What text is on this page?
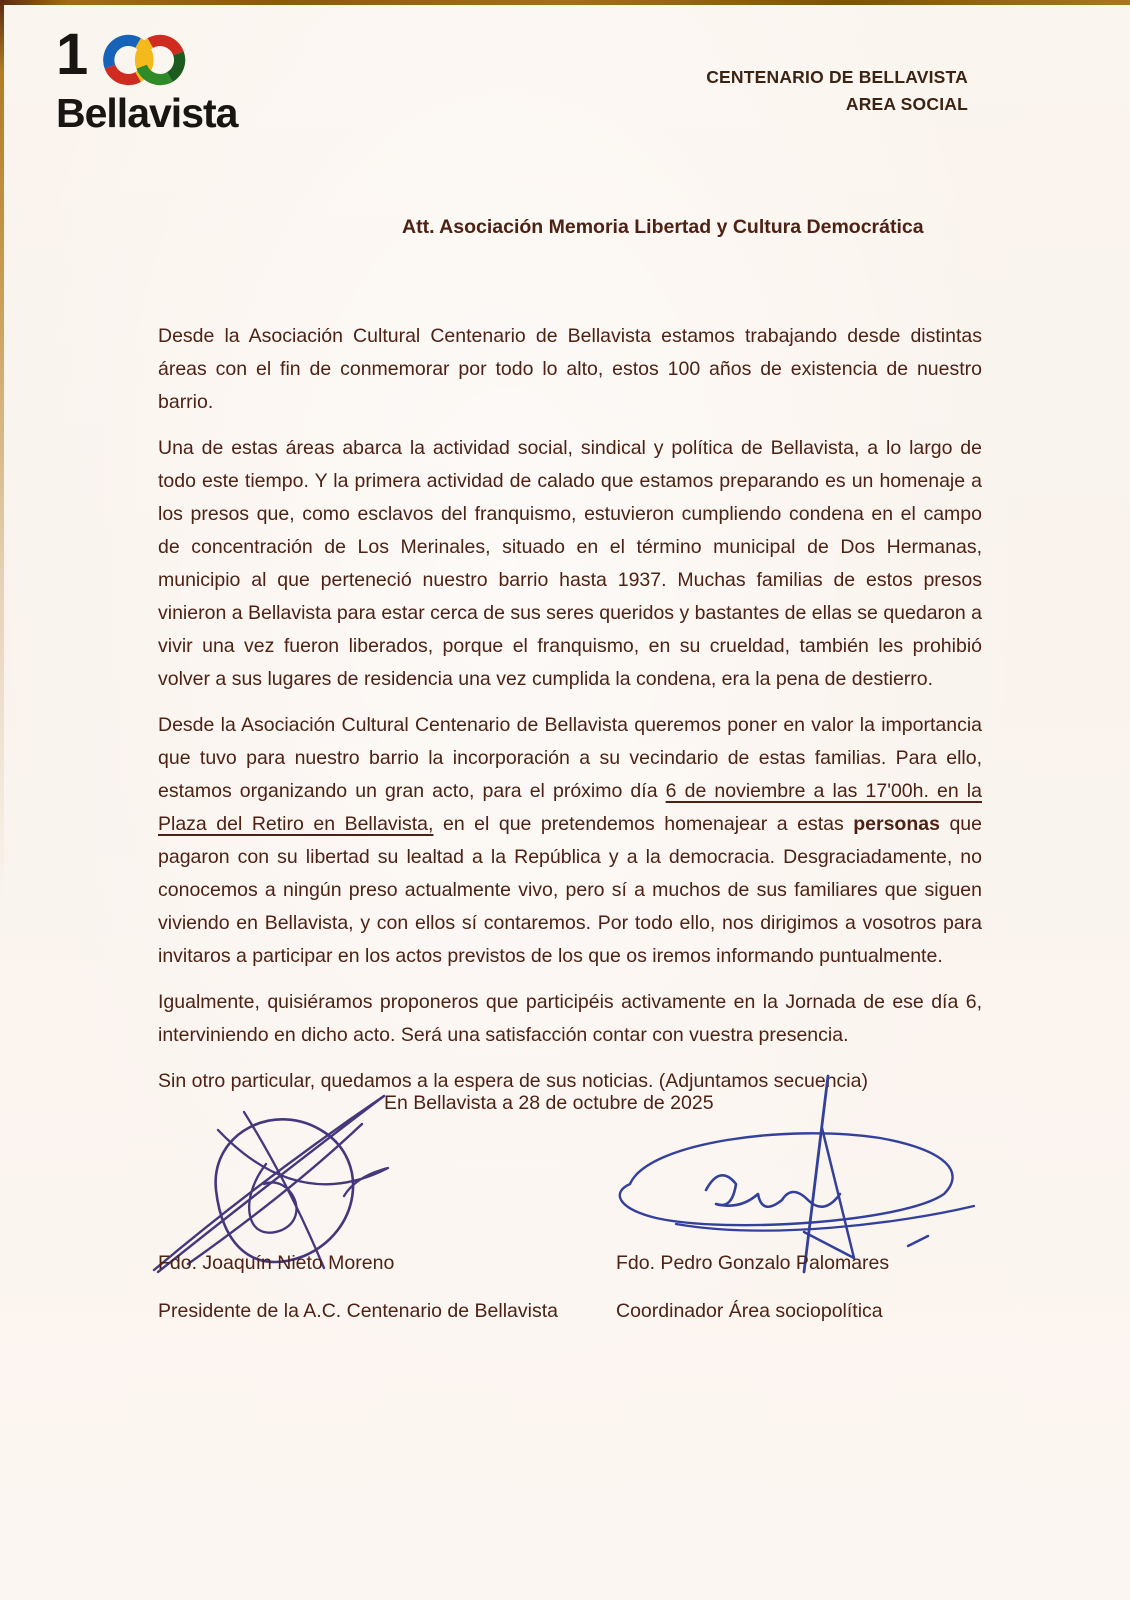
1
Bellavista
CENTENARIO DE BELLAVISTA
AREA SOCIAL
Att. Asociación Memoria Libertad y Cultura Democrática

Desde la Asociación Cultural Centenario de Bellavista estamos trabajando desde distintas áreas con el fin de conmemorar por todo lo alto, estos 100 años de existencia de nuestro barrio.

Una de estas áreas abarca la actividad social, sindical y política de Bellavista, a lo largo de todo este tiempo. Y la primera actividad de calado que estamos preparando es un homenaje a los presos que, como esclavos del franquismo, estuvieron cumpliendo condena en el campo de concentración de Los Merinales, situado en el término municipal de Dos Hermanas, municipio al que perteneció nuestro barrio hasta 1937. Muchas familias de estos presos vinieron a Bellavista para estar cerca de sus seres queridos y bastantes de ellas se quedaron a vivir una vez fueron liberados, porque el franquismo, en su crueldad, también les prohibió volver a sus lugares de residencia una vez cumplida la condena, era la pena de destierro.

Desde la Asociación Cultural Centenario de Bellavista queremos poner en valor la importancia que tuvo para nuestro barrio la incorporación a su vecindario de estas familias. Para ello, estamos organizando un gran acto, para el próximo día 6 de noviembre a las 17'00h. en la Plaza del Retiro en Bellavista, en el que pretendemos homenajear a estas personas que pagaron con su libertad su lealtad a la República y a la democracia. Desgraciadamente, no conocemos a ningún preso actualmente vivo, pero sí a muchos de sus familiares que siguen viviendo en Bellavista, y con ellos sí contaremos. Por todo ello, nos dirigimos a vosotros para invitaros a participar en los actos previstos de los que os iremos informando puntualmente.

Igualmente, quisiéramos proponeros que participéis activamente en la Jornada de ese día 6, interviniendo en dicho acto. Será una satisfacción contar con vuestra presencia.

Sin otro particular, quedamos a la espera de sus noticias. (Adjuntamos secuencia)

En Bellavista a 28 de octubre de 2025
Fdo. Joaquín Nieto Moreno	Fdo. Pedro Gonzalo Palomares
Presidente de la A.C. Centenario de Bellavista	Coordinador Área sociopolítica
